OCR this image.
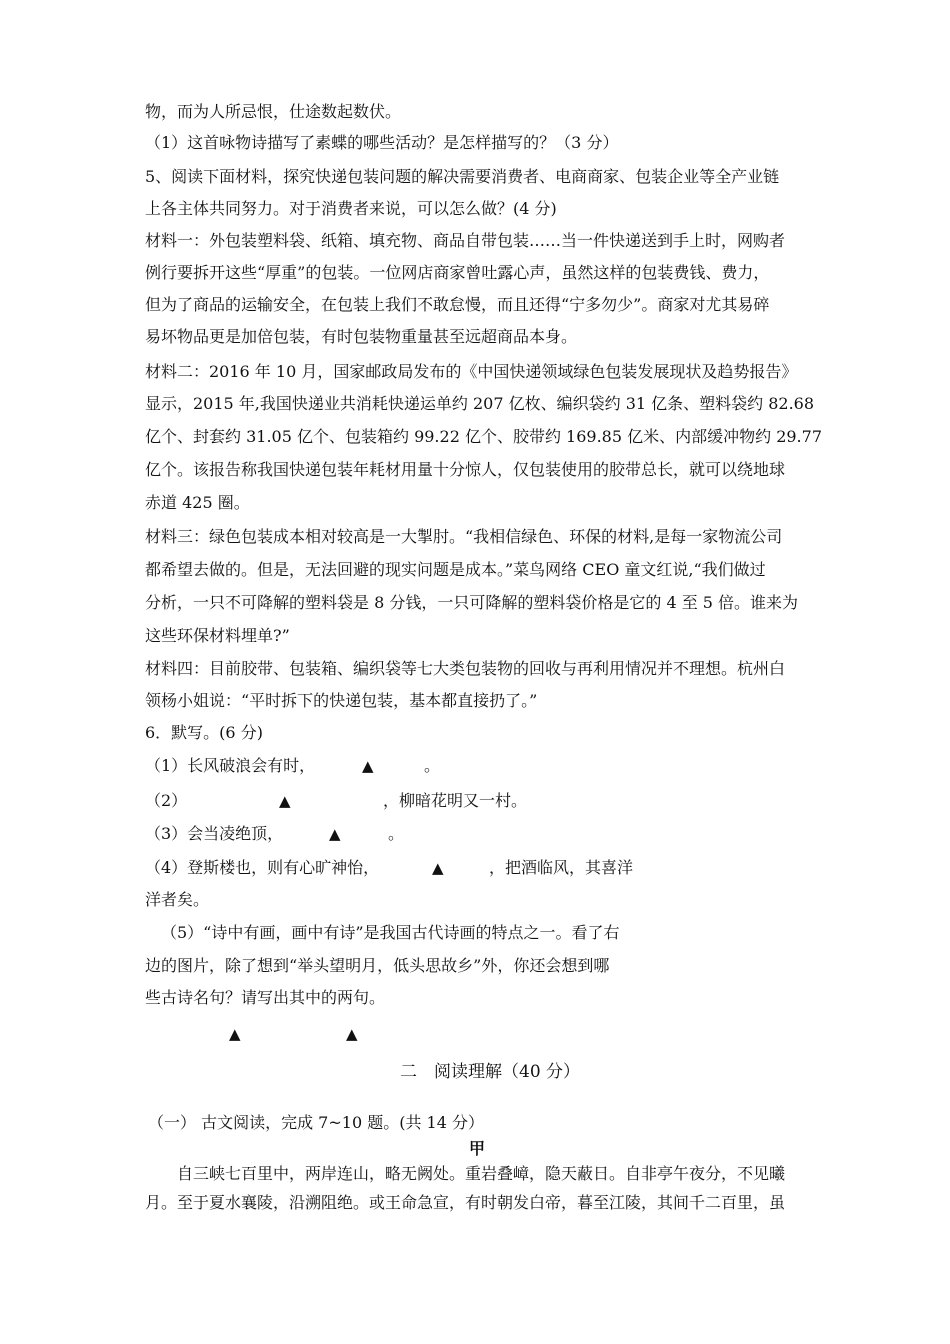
物，而为人所忌恨，仕途数起数伏。
（1）这首咏物诗描写了素蝶的哪些活动？是怎样描写的？（3 分）
5、阅读下面材料，探究快递包装问题的解决需要消费者、电商商家、包装企业等全产业链
上各主体共同努力。对于消费者来说，可以怎么做？(4 分)
材料一：外包装塑料袋、纸箱、填充物、商品自带包装……当一件快递送到手上时，网购者
例行要拆开这些“厚重”的包装。一位网店商家曾吐露心声，虽然这样的包装费钱、费力，
但为了商品的运输安全，在包装上我们不敢怠慢，而且还得“宁多勿少”。商家对尤其易碎
易坏物品更是加倍包装，有时包装物重量甚至远超商品本身。
材料二：2016 年 10 月，国家邮政局发布的《中国快递领域绿色包装发展现状及趋势报告》
显示，2015 年,我国快递业共消耗快递运单约 207 亿枚、编织袋约 31 亿条、塑料袋约 82.68
亿个、封套约 31.05 亿个、包装箱约 99.22 亿个、胶带约 169.85 亿米、内部缓冲物约 29.77
亿个。该报告称我国快递包装年耗材用量十分惊人，仅包装使用的胶带总长，就可以绕地球
赤道 425 圈。
材料三：绿色包装成本相对较高是一大掣肘。“我相信绿色、环保的材料,是每一家物流公司
都希望去做的。但是，无法回避的现实问题是成本。”菜鸟网络 CEO 童文红说,“我们做过
分析，一只不可降解的塑料袋是 8 分钱，一只可降解的塑料袋价格是它的 4 至 5 倍。谁来为
这些环保材料埋单?”
材料四：目前胶带、包装箱、编织袋等七大类包装物的回收与再利用情况并不理想。杭州白
领杨小姐说：“平时拆下的快递包装，基本都直接扔了。”
6．默写。(6 分)
（1）长风破浪会有时，	▲	。
（2）	▲	，柳暗花明又一村。
（3）会当凌绝顶，	▲	。
（4）登斯楼也，则有心旷神怡，	▲	，把酒临风，其喜洋
洋者矣。
（5）“诗中有画，画中有诗”是我国古代诗画的特点之一。看了右
边的图片，除了想到“举头望明月，低头思故乡”外，你还会想到哪
些古诗名句？请写出其中的两句。
▲	▲
二　阅读理解（40 分）
（一） 古文阅读，完成 7~10 题。(共 14 分）
甲
自三峡七百里中，两岸连山，略无阙处。重岩叠嶂，隐天蔽日。自非亭午夜分，不见曦
月。至于夏水襄陵，沿溯阻绝。或王命急宣，有时朝发白帝，暮至江陵，其间千二百里，虽
